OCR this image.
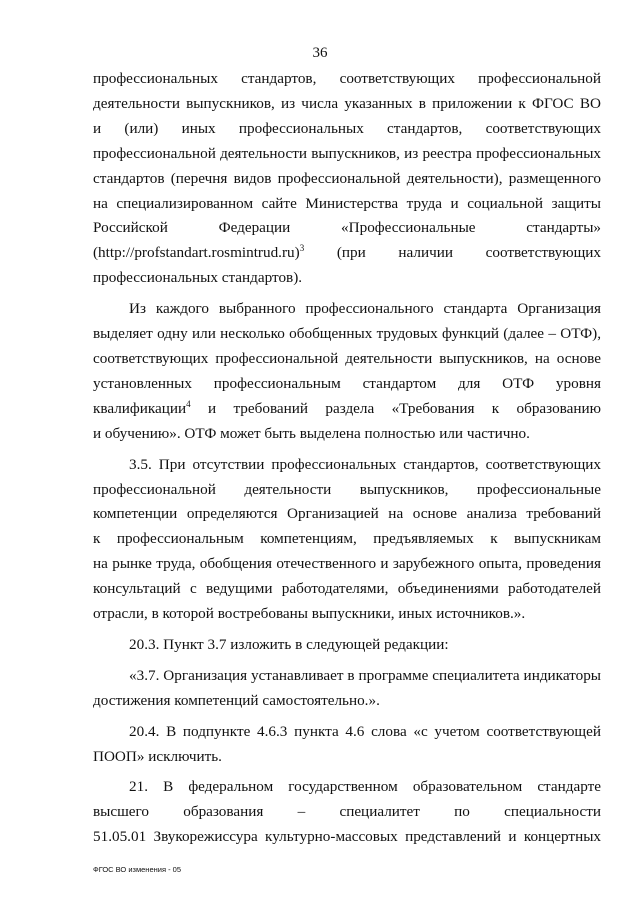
36

профессиональных стандартов, соответствующих профессиональной

деятельности выпускников, из числа указанных в приложении к ФГОС ВО

и (или) иных профессиональных стандартов, соответствующих

профессиональной деятельности выпускников, из реестра профессиональных

стандартов (перечня видов профессиональной деятельности), размещенного

на специализированном сайте Министерства труда и социальной защиты

Российской Федерации «Профессиональные стандарты»

(http://profstandart.rosmintrud.ru)$^3$ (при наличии соответствующих

профессиональных стандартов).

Из каждого выбранного профессионального стандарта Организация

выделяет одну или несколько обобщенных трудовых функций (далее – ОТФ),

соответствующих профессиональной деятельности выпускников, на основе

установленных профессиональным стандартом для ОТФ уровня

квалификации$^4$ и требований раздела «Требования к образованию

и обучению». ОТФ может быть выделена полностью или частично.

3.5. При отсутствии профессиональных стандартов, соответствующих

профессиональной деятельности выпускников, профессиональные

компетенции определяются Организацией на основе анализа требований

к профессиональным компетенциям, предъявляемых к выпускникам

на рынке труда, обобщения отечественного и зарубежного опыта, проведения

консультаций с ведущими работодателями, объединениями работодателей

отрасли, в которой востребованы выпускники, иных источников.».

20.3. Пункт 3.7 изложить в следующей редакции:

«3.7. Организация устанавливает в программе специалитета индикаторы

достижения компетенций самостоятельно.».

20.4. В подпункте 4.6.3 пункта 4.6 слова «с учетом соответствующей

ПООП» исключить.

21. В федеральном государственном образовательном стандарте

высшего образования – специалитет по специальности

51.05.01 Звукорежиссура культурно-массовых представлений и концертных

ФГОС ВО изменения - 05
